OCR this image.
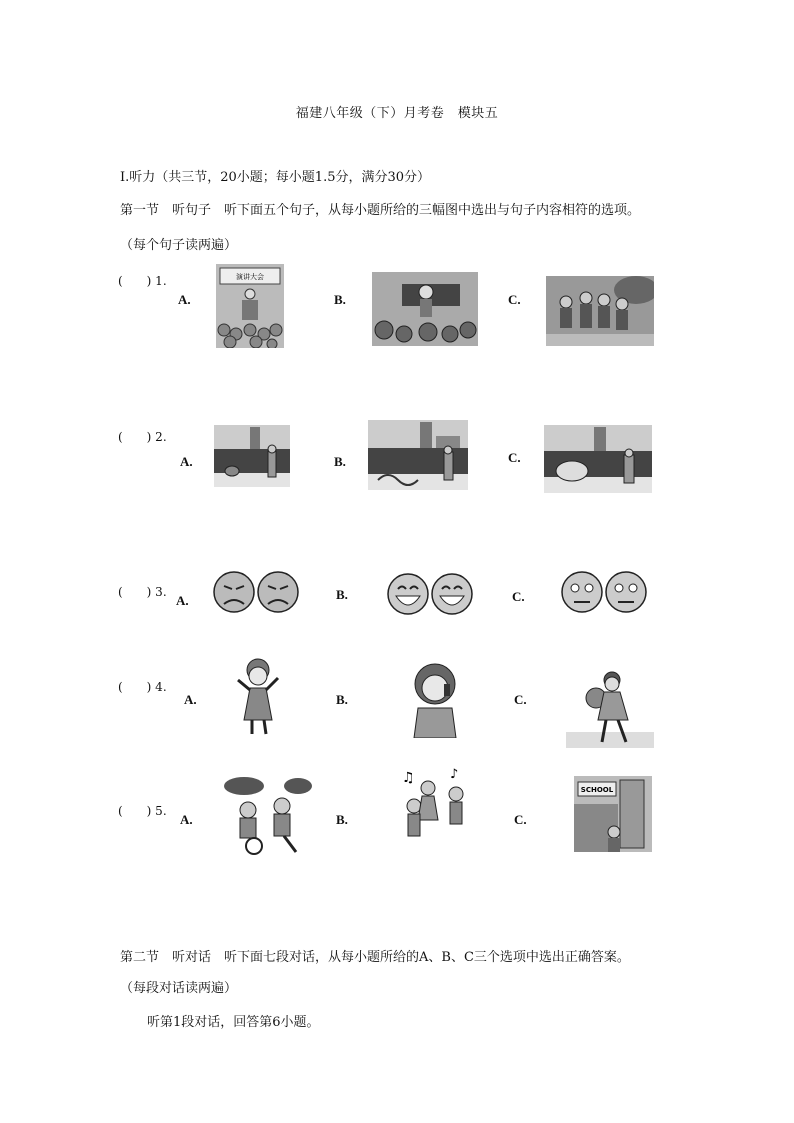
福建八年级（下）月考卷　模块五
Ⅰ.听力（共三节，20小题；每小题1.5分，满分30分）
第一节　听句子　听下面五个句子，从每小题所给的三幅图中选出与句子内容相符的选项。
（每个句子读两遍）
(　　) 1.
A.
演讲大会
B.	C.
(　　) 2.
A.	B.	C.
(　　) 3.
A.	B.	C.
(　　) 4.
A.	B.	C.
(　　) 5.
A.	B.
♫	♪
C.
SCHOOL
第二节　听对话　听下面七段对话，从每小题所给的A、B、C三个选项中选出正确答案。
（每段对话读两遍）
听第1段对话，回答第6小题。
